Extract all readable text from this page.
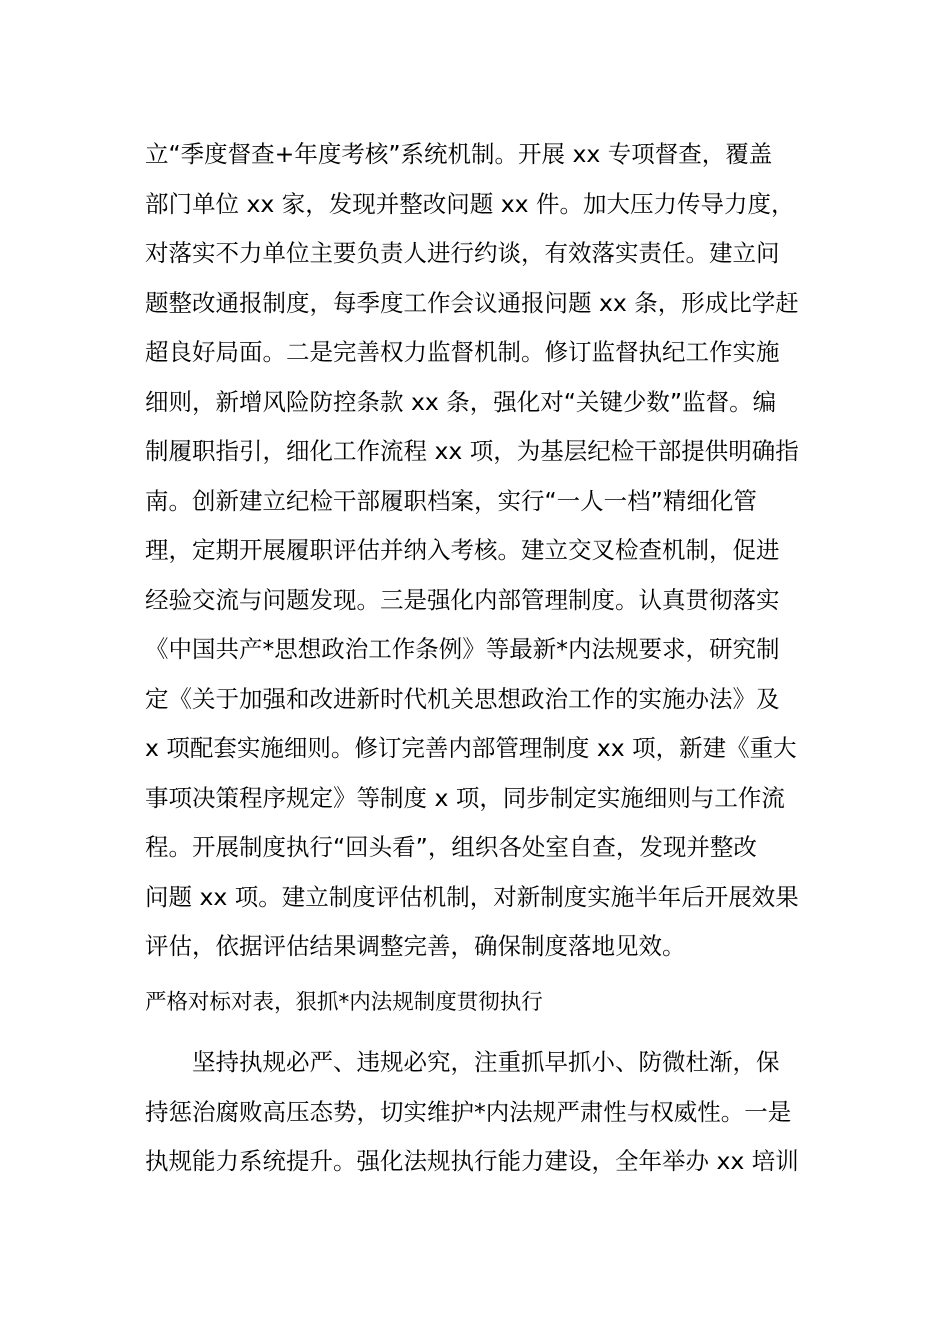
立“季度督查+年度考核”系统机制。开展 xx 专项督查，覆盖
部门单位 xx 家，发现并整改问题 xx 件。加大压力传导力度，
对落实不力单位主要负责人进行约谈，有效落实责任。建立问
题整改通报制度，每季度工作会议通报问题 xx 条，形成比学赶
超良好局面。二是完善权力监督机制。修订监督执纪工作实施
细则，新增风险防控条款 xx 条，强化对“关键少数”监督。编
制履职指引，细化工作流程 xx 项，为基层纪检干部提供明确指
南。创新建立纪检干部履职档案，实行“一人一档”精细化管
理，定期开展履职评估并纳入考核。建立交叉检查机制，促进
经验交流与问题发现。三是强化内部管理制度。认真贯彻落实
《中国共产*思想政治工作条例》等最新*内法规要求，研究制
定《关于加强和改进新时代机关思想政治工作的实施办法》及
x 项配套实施细则。修订完善内部管理制度 xx 项，新建《重大
事项决策程序规定》等制度 x 项，同步制定实施细则与工作流
程。开展制度执行“回头看”，组织各处室自查，发现并整改
问题 xx 项。建立制度评估机制，对新制度实施半年后开展效果
评估，依据评估结果调整完善，确保制度落地见效。
严格对标对表，狠抓*内法规制度贯彻执行
坚持执规必严、违规必究，注重抓早抓小、防微杜渐，保
持惩治腐败高压态势，切实维护*内法规严肃性与权威性。一是
执规能力系统提升。强化法规执行能力建设，全年举办 xx 培训
